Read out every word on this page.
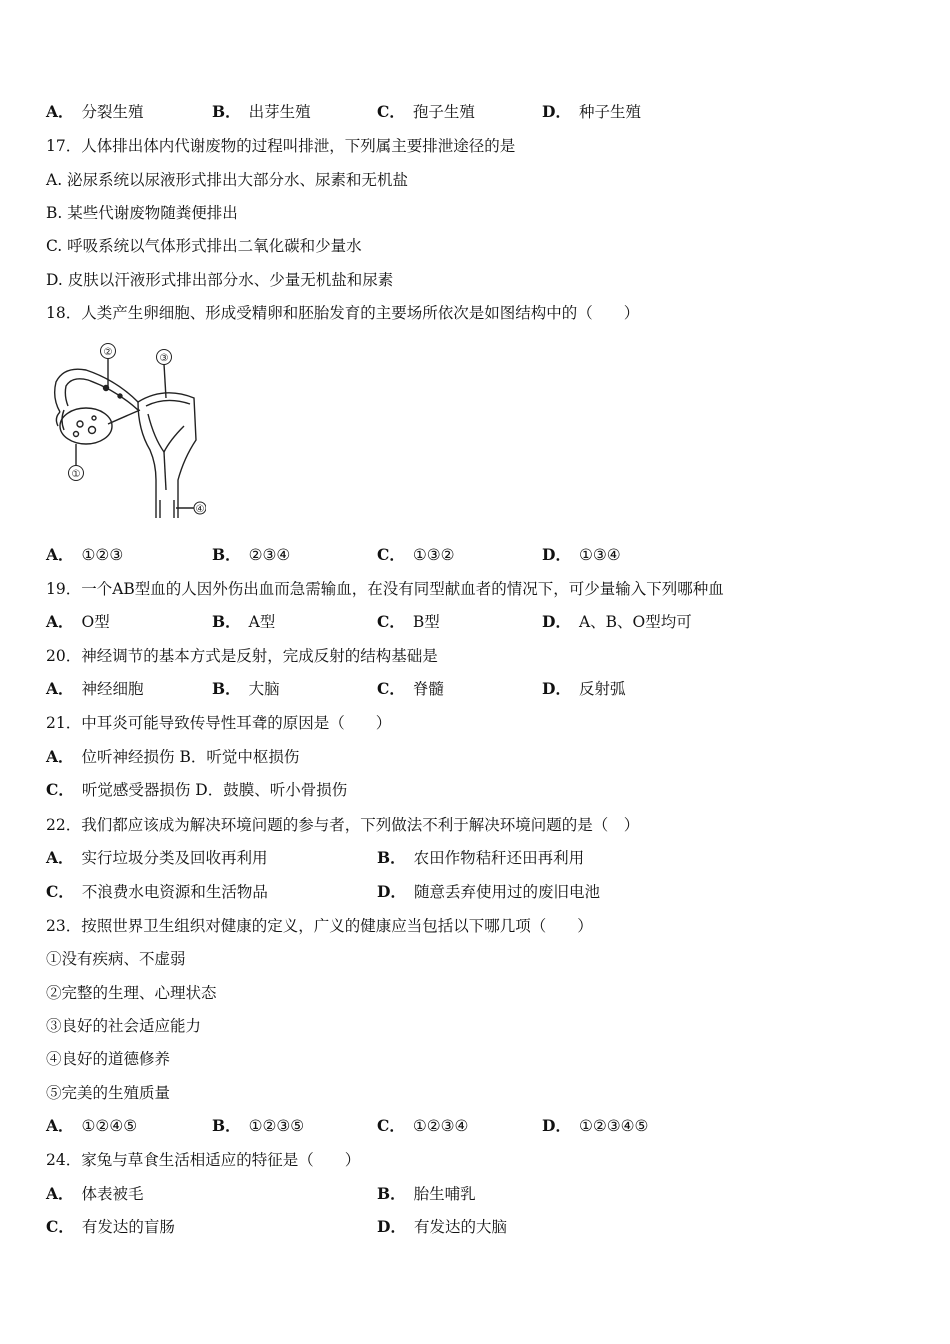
A． 分裂生殖	B． 出芽生殖	C． 孢子生殖	D． 种子生殖
17．人体排出体内代谢废物的过程叫排泄，下列属主要排泄途径的是
A. 泌尿系统以尿液形式排出大部分水、尿素和无机盐
B. 某些代谢废物随粪便排出
C. 呼吸系统以气体形式排出二氧化碳和少量水
D. 皮肤以汗液形式排出部分水、少量无机盐和尿素
18．人类产生卵细胞、形成受精卵和胚胎发育的主要场所依次是如图结构中的（　　）
②
③
①
④
A． ①②③	B． ②③④	C． ①③②	D． ①③④
19．一个AB型血的人因外伤出血而急需输血，在没有同型献血者的情况下，可少量输入下列哪种血
A． O型	B． A型	C． B型	D． A、B、O型均可
20．神经调节的基本方式是反射，完成反射的结构基础是
A． 神经细胞	B． 大脑	C． 脊髓	D． 反射弧
21．中耳炎可能导致传导性耳聋的原因是（　　）
A． 位听神经损伤 B．听觉中枢损伤
C． 听觉感受器损伤 D．鼓膜、听小骨损伤
22．我们都应该成为解决环境问题的参与者，下列做法不利于解决环境问题的是（　）
A． 实行垃圾分类及回收再利用	B． 农田作物秸秆还田再利用
C． 不浪费水电资源和生活物品	D． 随意丢弃使用过的废旧电池
23．按照世界卫生组织对健康的定义，广义的健康应当包括以下哪几项（　　）
①没有疾病、不虚弱
②完整的生理、心理状态
③良好的社会适应能力
④良好的道德修养
⑤完美的生殖质量
A． ①②④⑤	B． ①②③⑤	C． ①②③④	D． ①②③④⑤
24．家兔与草食生活相适应的特征是（　　）
A． 体表被毛	B． 胎生哺乳
C． 有发达的盲肠	D． 有发达的大脑
